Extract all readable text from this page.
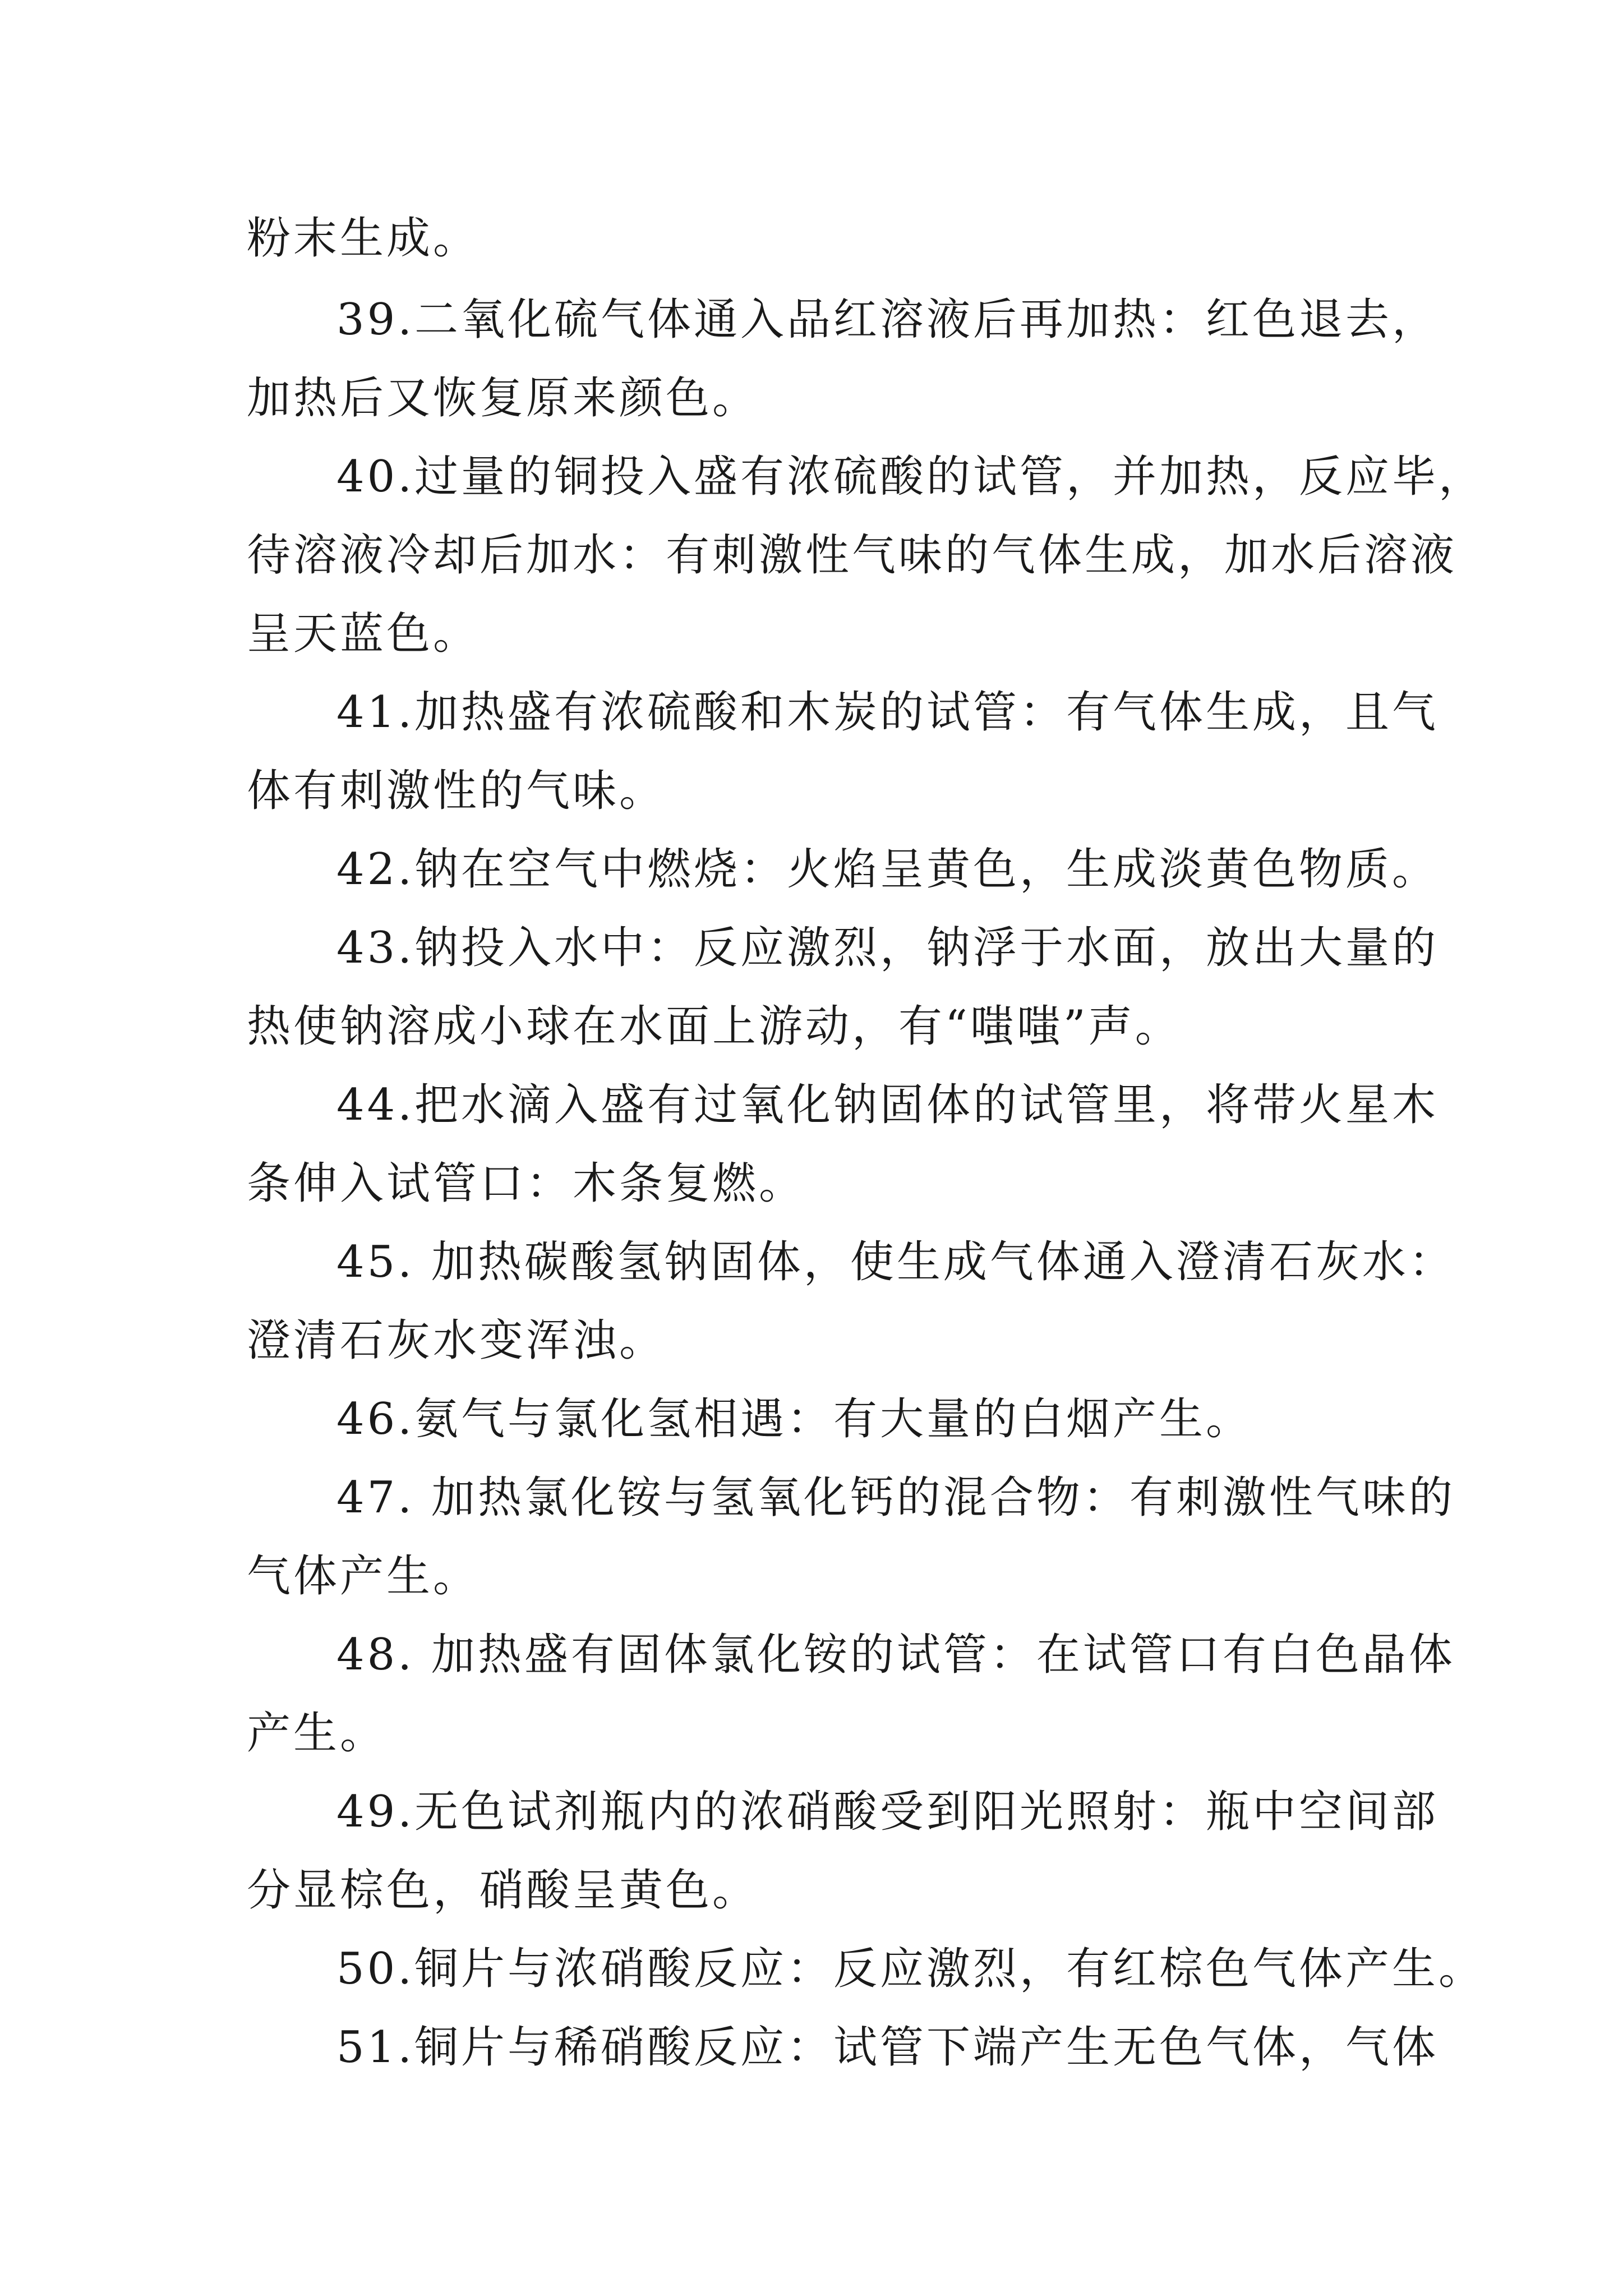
粉末生成。

39.二氧化硫气体通入品红溶液后再加热：红色退去，

加热后又恢复原来颜色。

40.过量的铜投入盛有浓硫酸的试管，并加热，反应毕，

待溶液冷却后加水：有刺激性气味的气体生成，加水后溶液

呈天蓝色。

41.加热盛有浓硫酸和木炭的试管：有气体生成，且气

体有刺激性的气味。

42.钠在空气中燃烧：火焰呈黄色，生成淡黄色物质。

43.钠投入水中：反应激烈，钠浮于水面，放出大量的

热使钠溶成小球在水面上游动，有“嗤嗤”声。

44.把水滴入盛有过氧化钠固体的试管里，将带火星木

条伸入试管口：木条复燃。

45. 加热碳酸氢钠固体，使生成气体通入澄清石灰水：

澄清石灰水变浑浊。

46.氨气与氯化氢相遇：有大量的白烟产生。

47. 加热氯化铵与氢氧化钙的混合物：有刺激性气味的

气体产生。

48. 加热盛有固体氯化铵的试管：在试管口有白色晶体

产生。

49.无色试剂瓶内的浓硝酸受到阳光照射：瓶中空间部

分显棕色，硝酸呈黄色。

50.铜片与浓硝酸反应：反应激烈，有红棕色气体产生。

51.铜片与稀硝酸反应：试管下端产生无色气体，气体
